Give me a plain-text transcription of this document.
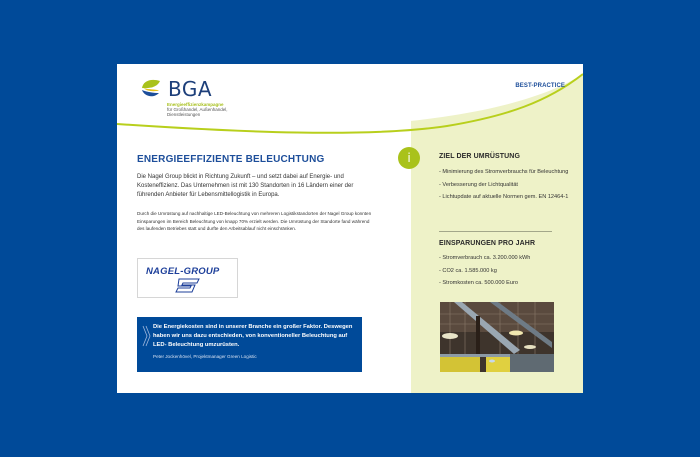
BGA
Energieeffizienzkampagne
für Großhandel, Außenhandel,
Dienstleistungen
BEST-PRACTICE
ENERGIEEFFIZIENTE BELEUCHTUNG

Die Nagel Group blickt in Richtung Zukunft – und setzt dabei auf Energie- und Kosteneffizienz. Das Unternehmen ist mit 130 Standorten in 16 Ländern einer der führenden Anbieter für Lebensmittellogistik in Europa.

Durch die Umrüstung auf nachhaltige LED-Beleuchtung von mehreren Logistikstandorten der Nagel Group konnten Einsparungen im Bereich Beleuchtung von knapp 70% erzielt werden. Die Umrüstung der Standorte fand während des laufenden Betriebes statt und durfte den Arbeitsablauf nicht einschränken.

NAGEL-GROUP

Die Energiekosten sind in unserer Branche ein großer Faktor. Deswegen haben wir uns dazu entschieden, von konventioneller Beleuchtung auf LED- Beleuchtung umzurüsten.

Peter Jockenhövel, Projektmanager Green Logistic
i	ZIEL DER UMRÜSTUNG
- Minimierung des Stromverbrauchs für Beleuchtung
- Verbesserung der Lichtqualität
- Lichtupdate auf aktuelle Normen gem. EN 12464-1
EINSPARUNGEN PRO JAHR
- Stromverbrauch ca. 3.200.000 kWh
- CO2 ca. 1.585.000 kg
- Stromkosten ca. 500.000 Euro
